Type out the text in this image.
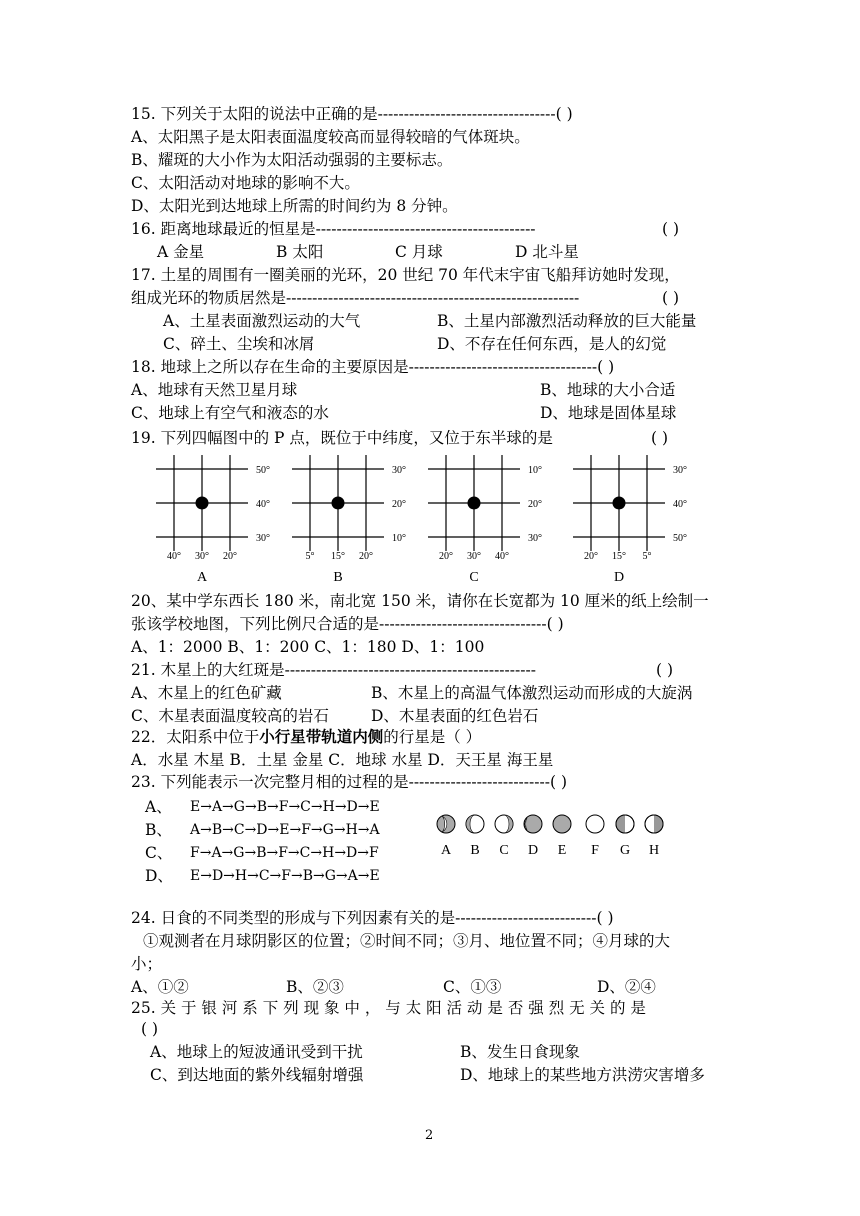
15. 下列关于太阳的说法中正确的是----------------------------------( )
A、太阳黑子是太阳表面温度较高而显得较暗的气体斑块。
B、耀斑的大小作为太阳活动强弱的主要标志。
C、太阳活动对地球的影响不大。
D、太阳光到达地球上所需的时间约为 8 分钟。
16. 距离地球最近的恒星是------------------------------------------	( )
A 金星	B 太阳	C 月球	D 北斗星
17. 土星的周围有一圈美丽的光环，20 世纪 70 年代末宇宙飞船拜访她时发现，
组成光环的物质居然是--------------------------------------------------------	( )
A、土星表面激烈运动的大气	B、土星内部激烈活动释放的巨大能量
C、碎土、尘埃和冰屑	D、不存在任何东西，是人的幻觉
18. 地球上之所以存在生命的主要原因是------------------------------------( )
A、地球有天然卫星月球	B、地球的大小合适
C、地球上有空气和液态的水	D、地球是固体星球
19. 下列四幅图中的 P 点，既位于中纬度，又位于东半球的是	( )
50°
40°
30°
40° 30° 20°
A
30°
20°
10°
5° 15° 20°
B
10°
20°
30°
20° 30° 40°
C
30°
40°
50°
20° 15° 5°
D
20、某中学东西长 180 米，南北宽 150 米，请你在长宽都为 10 厘米的纸上绘制一
张该学校地图，下列比例尺合适的是--------------------------------( )
A、1：2000 B、1：200 C、1：180 D、1：100
21. 木星上的大红斑是------------------------------------------------	( )
A、木星上的红色矿藏	B、木星上的高温气体激烈运动而形成的大旋涡
C、木星表面温度较高的岩石	D、木星表面的红色岩石
22．太阳系中位于小行星带轨道内侧的行星是（ ）
A．水星 木星 B．土星 金星 C．地球 水星 D．天王星 海王星
23. 下列能表示一次完整月相的过程的是---------------------------( )
A、 E→A→G→B→F→C→H→D→E
B、 A→B→C→D→E→F→G→H→A
C、 F→A→G→B→F→C→H→D→F
D、 E→D→H→C→F→B→G→A→E
A B C D E F G H
24. 日食的不同类型的形成与下列因素有关的是---------------------------( )
①观测者在月球阴影区的位置；②时间不同；③月、地位置不同；④月球的大
小；
A、①②	B、②③	C、①③	D、②④
25. 关 于 银 河 系 下 列 现 象 中 ， 与 太 阳 活 动 是 否 强 烈 无 关 的 是
( )
A、地球上的短波通讯受到干扰	B、发生日食现象
C、到达地面的紫外线辐射增强	D、地球上的某些地方洪涝灾害增多
2
